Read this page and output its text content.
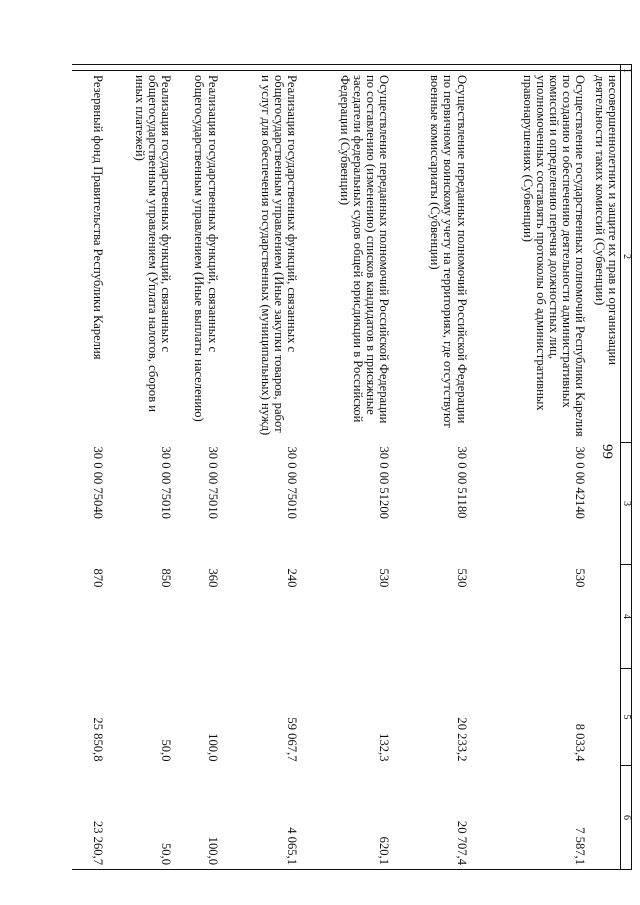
99
1	2	3	4	5	6
	несовершеннолетних и защите их прав и организации деятельности таких комиссий (Субвенции)				
	Осуществление государственных полномочий Республики Карелия по созданию и обеспечению деятельности административных комиссий и определению перечня должностных лиц, уполномоченных составлять протоколы об административных правонарушениях (Субвенции)	30 0 00 42140	530	8 033,4	7 587,1
	Осуществление переданных полномочий Российской Федерации по первичному воинскому учету на территориях, где отсутствуют военные комиссариаты (Субвенции)	30 0 00 51180	530	20 233,2	20 707,4
	Осуществление переданных полномочий Российской Федерации по составлению (изменению) списков кандидатов в присяжные заседатели федеральных судов общей юрисдикции в Российской Федерации (Субвенции)	30 0 00 51200	530	132,3	620,1
	Реализация государственных функций, связанных с общегосударственным управлением (Иные закупки товаров, работ и услуг для обеспечения государственных (муниципальных) нужд)	30 0 00 75010	240	59 067,7	4 065,1
	Реализация государственных функций, связанных с общегосударственным управлением (Иные выплаты населению)	30 0 00 75010	360	100,0	100,0
	Реализация государственных функций, связанных с общегосударственным управлением (Уплата налогов, сборов и иных платежей)	30 0 00 75010	850	50,0	50,0
	Резервный фонд Правительства Республики Карелия	30 0 00 75040	870	25 850,8	23 260,7
